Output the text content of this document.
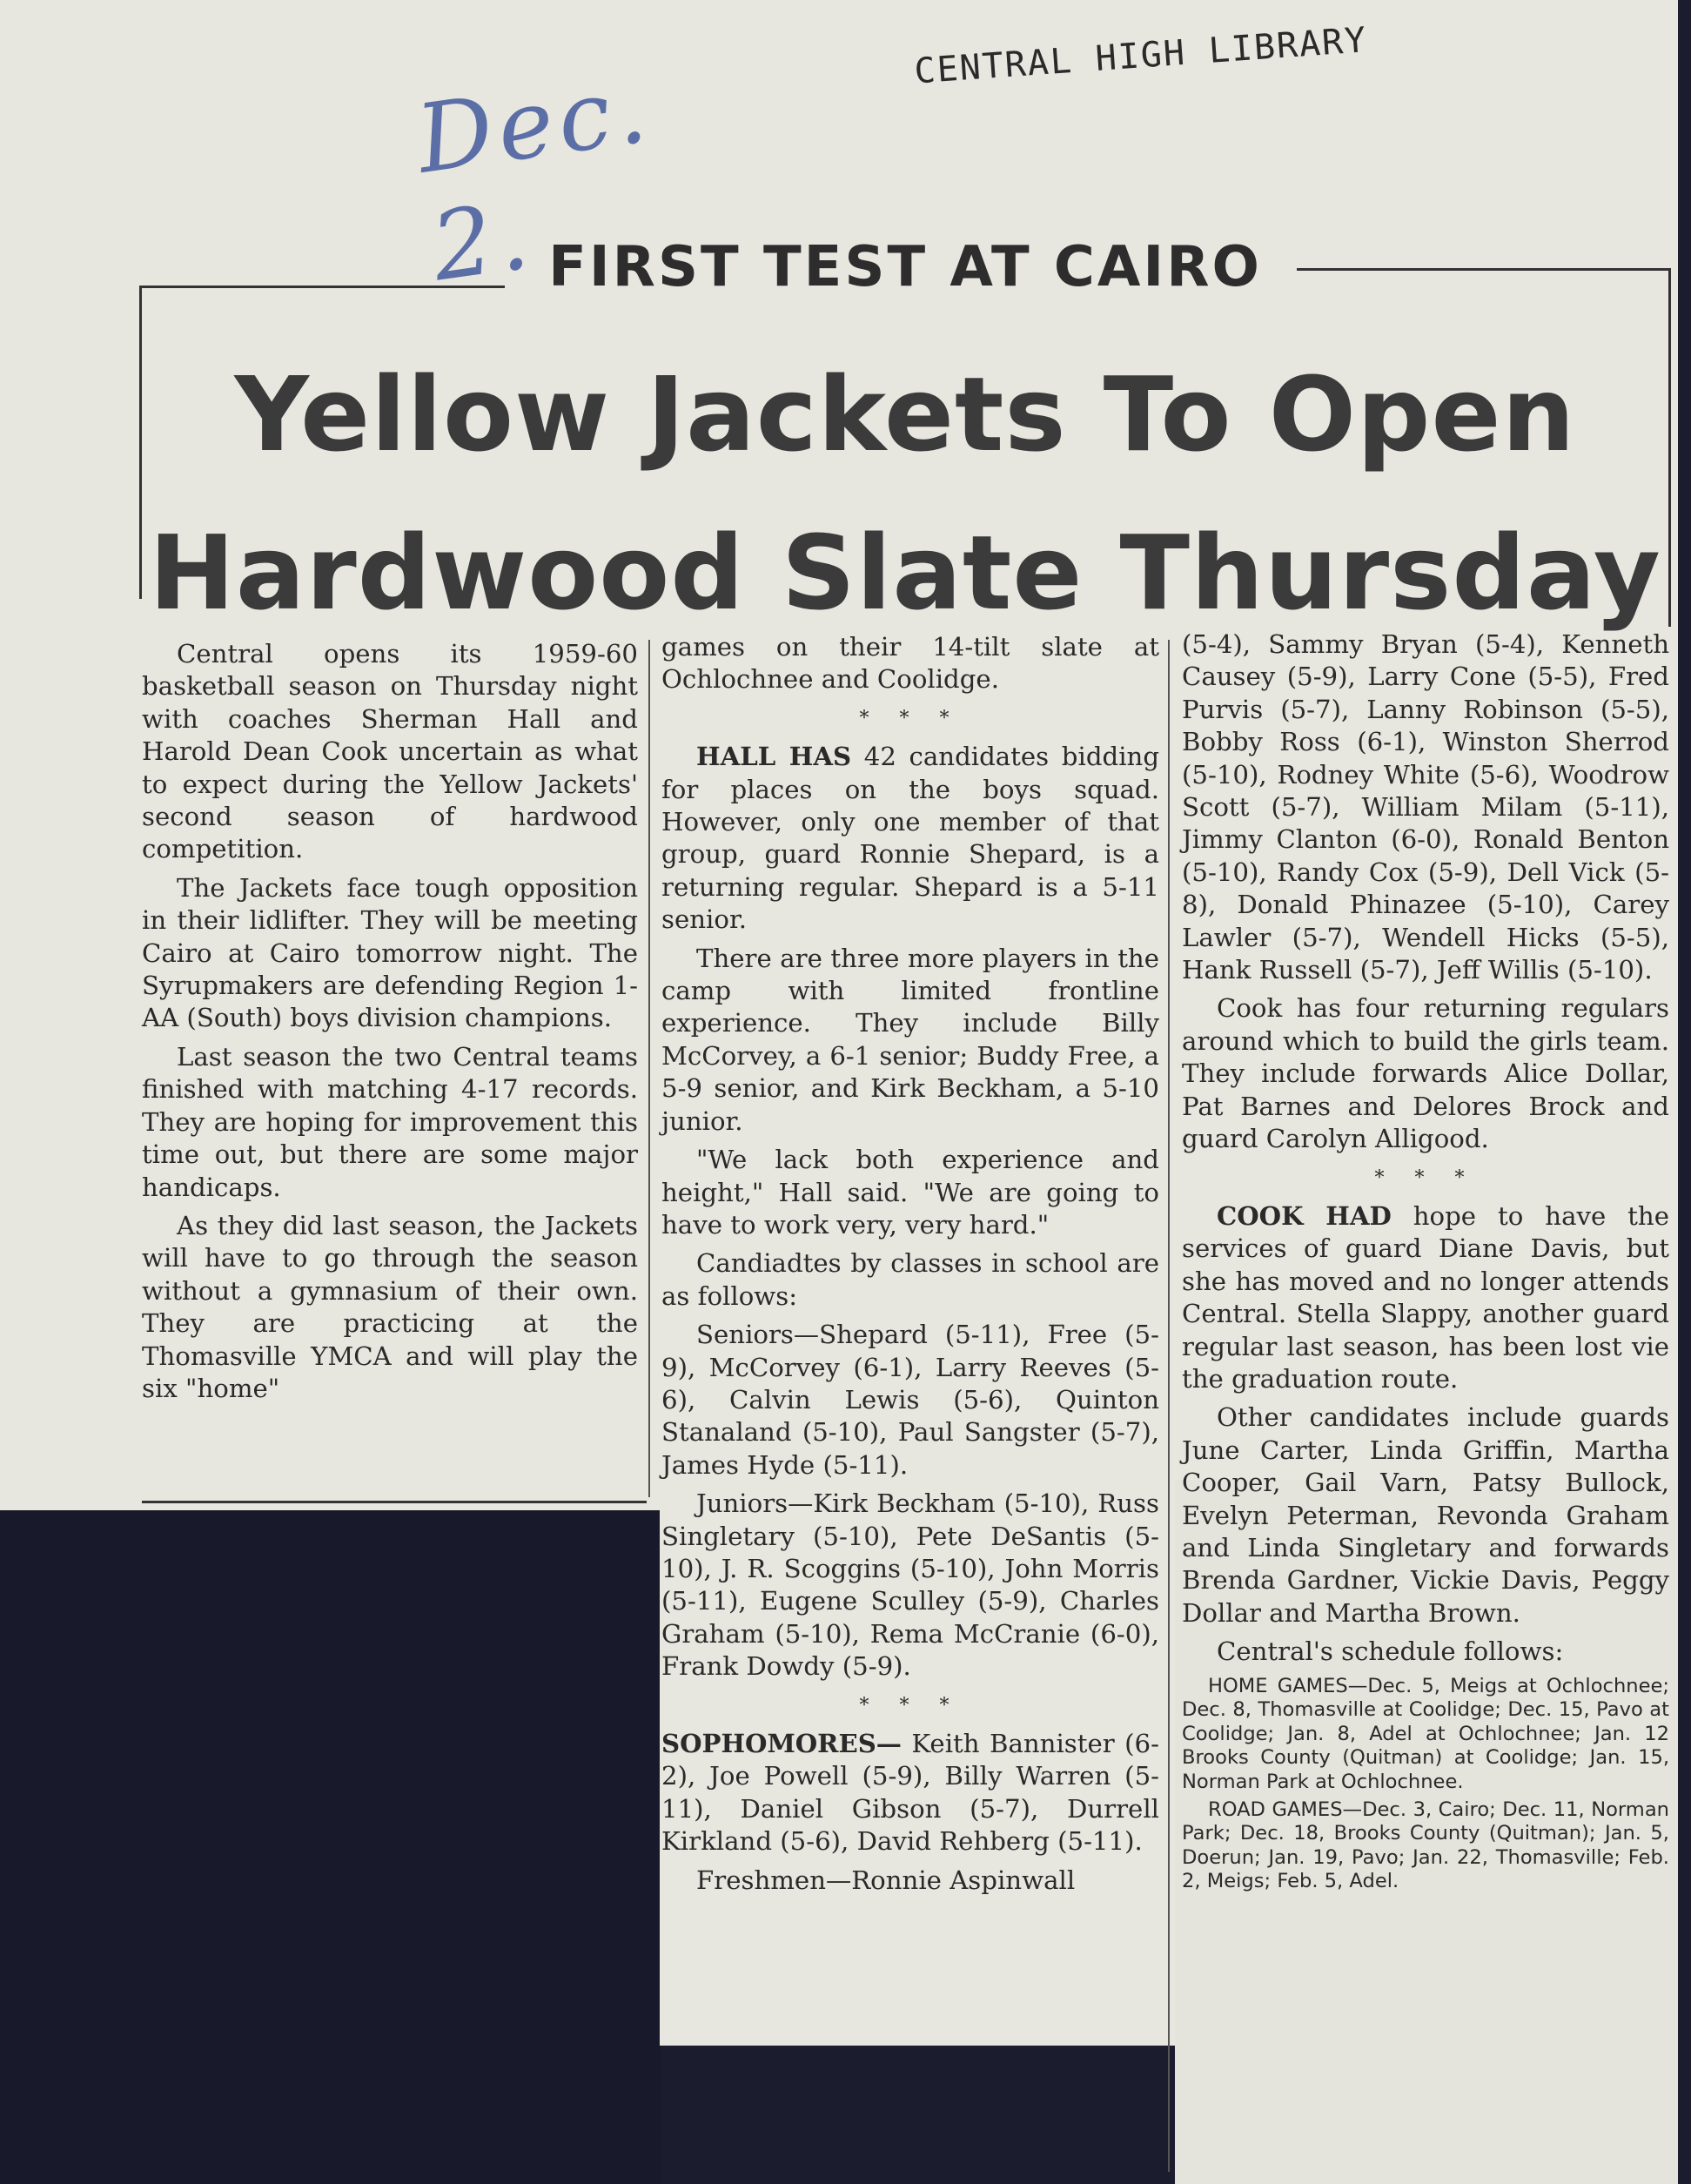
Dec. 2.
CENTRAL HIGH LIBRARY
FIRST TEST AT CAIRO
Yellow Jackets To Open
Hardwood Slate Thursday

Central opens its 1959-60 basketball season on Thursday night with coaches Sherman Hall and Harold Dean Cook uncertain as what to expect during the Yellow Jackets' second season of hardwood competition.

The Jackets face tough opposition in their lidlifter. They will be meeting Cairo at Cairo tomorrow night. The Syrupmakers are defending Region 1-AA (South) boys division champions.

Last season the two Central teams finished with matching 4-17 records. They are hoping for improvement this time out, but there are some major handicaps.

As they did last season, the Jackets will have to go through the season without a gymnasium of their own. They are practicing at the Thomasville YMCA and will play the six "home"

games on their 14-tilt slate at Ochlochnee and Coolidge.

* * *

HALL HAS 42 candidates bidding for places on the boys squad. However, only one member of that group, guard Ronnie Shepard, is a returning regular. Shepard is a 5-11 senior.

There are three more players in the camp with limited frontline experience. They include Billy McCorvey, a 6-1 senior; Buddy Free, a 5-9 senior, and Kirk Beckham, a 5-10 junior.

"We lack both experience and height," Hall said. "We are going to have to work very, very hard."

Candiadtes by classes in school are as follows:

Seniors—Shepard (5-11), Free (5-9), McCorvey (6-1), Larry Reeves (5-6), Calvin Lewis (5-6), Quinton Stanaland (5-10), Paul Sangster (5-7), James Hyde (5-11).

Juniors—Kirk Beckham (5-10), Russ Singletary (5-10), Pete DeSantis (5-10), J. R. Scoggins (5-10), John Morris (5-11), Eugene Sculley (5-9), Charles Graham (5-10), Rema McCranie (6-0), Frank Dowdy (5-9).

* * *

SOPHOMORES— Keith Bannister (6-2), Joe Powell (5-9), Billy Warren (5-11), Daniel Gibson (5-7), Durrell Kirkland (5-6), David Rehberg (5-11).

Freshmen—Ronnie Aspinwall

(5-4), Sammy Bryan (5-4), Kenneth Causey (5-9), Larry Cone (5-5), Fred Purvis (5-7), Lanny Robinson (5-5), Bobby Ross (6-1), Winston Sherrod (5-10), Rodney White (5-6), Woodrow Scott (5-7), William Milam (5-11), Jimmy Clanton (6-0), Ronald Benton (5-10), Randy Cox (5-9), Dell Vick (5-8), Donald Phinazee (5-10), Carey Lawler (5-7), Wendell Hicks (5-5), Hank Russell (5-7), Jeff Willis (5-10).

Cook has four returning regulars around which to build the girls team. They include forwards Alice Dollar, Pat Barnes and Delores Brock and guard Carolyn Alligood.

* * *

COOK HAD hope to have the services of guard Diane Davis, but she has moved and no longer attends Central. Stella Slappy, another guard regular last season, has been lost vie the graduation route.

Other candidates include guards June Carter, Linda Griffin, Martha Cooper, Gail Varn, Patsy Bullock, Evelyn Peterman, Revonda Graham and Linda Singletary and forwards Brenda Gardner, Vickie Davis, Peggy Dollar and Martha Brown.

Central's schedule follows:

HOME GAMES—Dec. 5, Meigs at Ochlochnee; Dec. 8, Thomasville at Coolidge; Dec. 15, Pavo at Coolidge; Jan. 8, Adel at Ochlochnee; Jan. 12 Brooks County (Quitman) at Coolidge; Jan. 15, Norman Park at Ochlochnee.

ROAD GAMES—Dec. 3, Cairo; Dec. 11, Norman Park; Dec. 18, Brooks County (Quitman); Jan. 5, Doerun; Jan. 19, Pavo; Jan. 22, Thomasville; Feb. 2, Meigs; Feb. 5, Adel.
